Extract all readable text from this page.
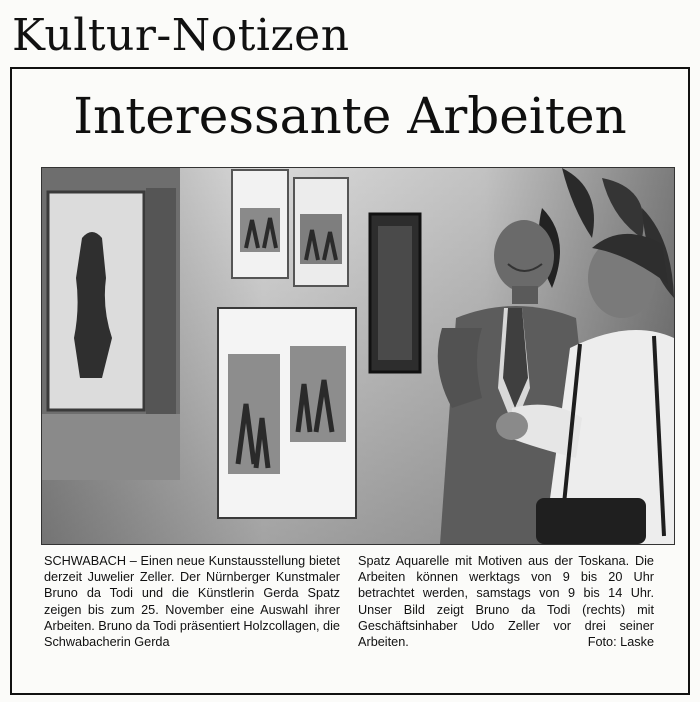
Kultur-Notizen
Interessante Arbeiten
SCHWABACH – Einen neue Kunstausstellung bietet derzeit Juwelier Zeller. Der Nürnberger Kunstmaler Bruno da Todi und die Künstlerin Gerda Spatz zeigen bis zum 25. November eine Auswahl ihrer Arbeiten. Bruno da Todi präsentiert Holzcollagen, die Schwabacherin Gerda
Spatz Aquarelle mit Motiven aus der Toskana. Die Arbeiten können werktags von 9 bis 20 Uhr betrachtet werden, samstags von 9 bis 14 Uhr. Unser Bild zeigt Bruno da Todi (rechts) mit Geschäftsinhaber Udo Zeller vor drei seiner Arbeiten.	Foto: Laske
